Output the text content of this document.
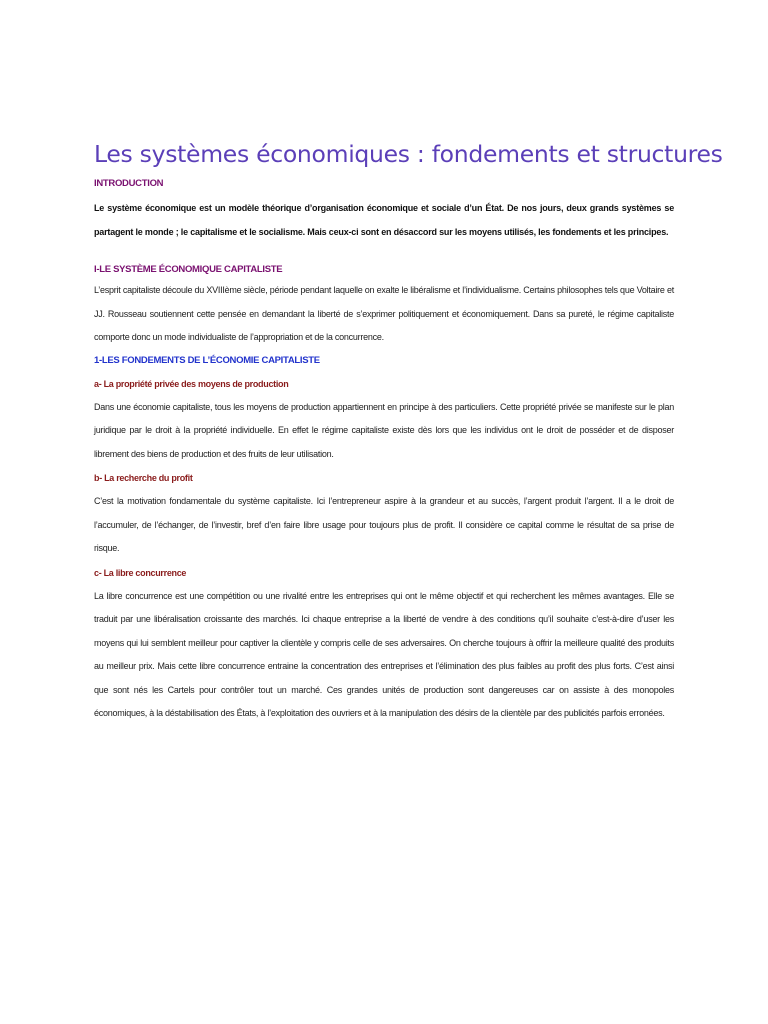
Les systèmes économiques : fondements et structures
INTRODUCTION
Le système économique est un modèle théorique d’organisation économique et sociale d’un État. De nos jours, deux grands systèmes se partagent le monde ; le capitalisme et le socialisme. Mais ceux-ci sont en désaccord sur les moyens utilisés, les fondements et les principes.
I-LE SYSTÈME ÉCONOMIQUE CAPITALISTE
L’esprit capitaliste découle du XVIIIème siècle, période pendant laquelle on exalte le libéralisme et l’individualisme. Certains philosophes tels que Voltaire et JJ. Rousseau soutiennent cette pensée en demandant la liberté de s’exprimer politiquement et économiquement. Dans sa pureté, le régime capitaliste comporte donc un mode individualiste de l’appropriation et de la concurrence.
1-LES FONDEMENTS DE L’ÉCONOMIE CAPITALISTE
a- La propriété privée des moyens de production
Dans une économie capitaliste, tous les moyens de production appartiennent en principe à des particuliers. Cette propriété privée se manifeste sur le plan juridique par le droit à la propriété individuelle. En effet le régime capitaliste existe dès lors que les individus ont le droit de posséder et de disposer librement des biens de production et des fruits de leur utilisation.
b- La recherche du profit
C’est la motivation fondamentale du système capitaliste. Ici l’entrepreneur aspire à la grandeur et au succès, l’argent produit l’argent. Il a le droit de l’accumuler, de l’échanger, de l’investir, bref d’en faire libre usage pour toujours plus de profit. Il considère ce capital comme le résultat de sa prise de risque.
c- La libre concurrence
La libre concurrence est une compétition ou une rivalité entre les entreprises qui ont le même objectif et qui recherchent les mêmes avantages. Elle se traduit par une libéralisation croissante des marchés. Ici chaque entreprise a la liberté de vendre à des conditions qu’il souhaite c’est-à-dire d’user les moyens qui lui semblent meilleur pour captiver la clientèle y compris celle de ses adversaires. On cherche toujours à offrir la meilleure qualité des produits au meilleur prix. Mais cette libre concurrence entraine la concentration des entreprises et l’élimination des plus faibles au profit des plus forts. C’est ainsi que sont nés les Cartels pour contrôler tout un marché. Ces grandes unités de production sont dangereuses car on assiste à des monopoles économiques, à la déstabilisation des États, à l’exploitation des ouvriers et à la manipulation des désirs de la clientèle par des publicités parfois erronées.
